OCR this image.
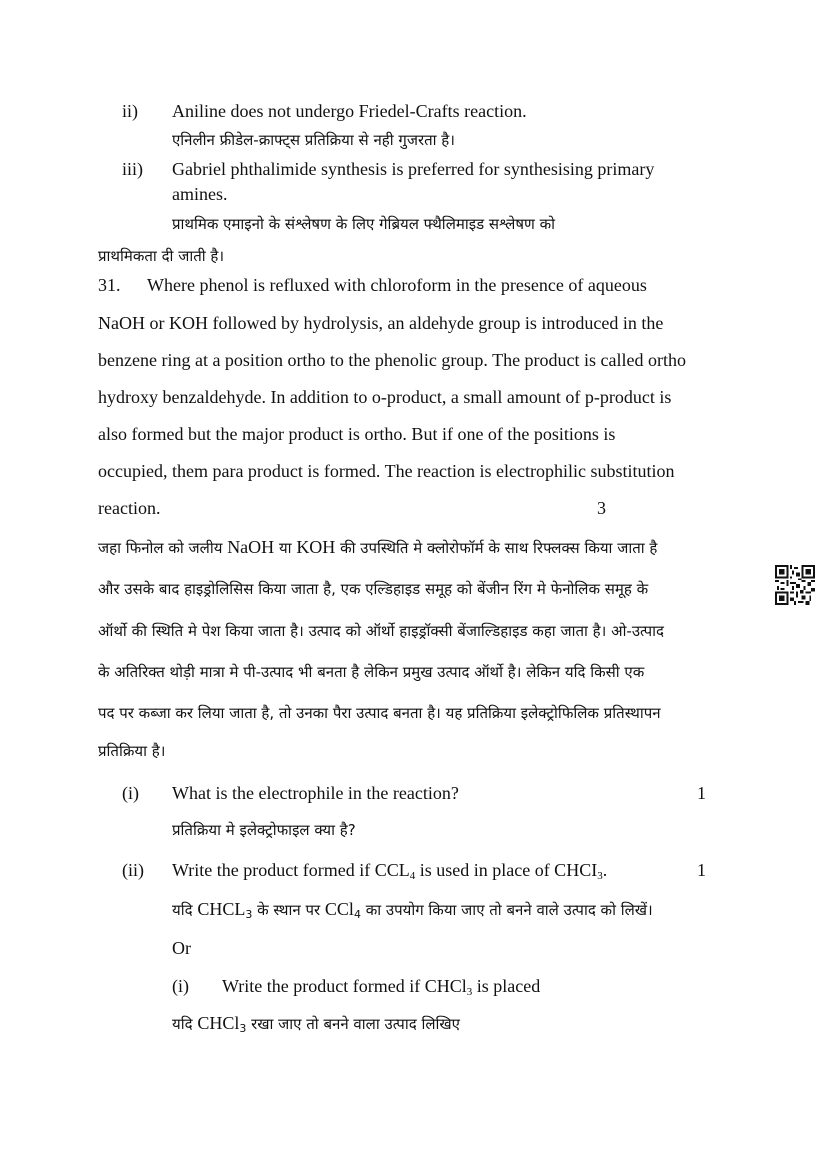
ii) Aniline does not undergo Friedel-Crafts reaction.
एनिलीन फ्रीडेल-क्राफ्ट्स प्रतिक्रिया से नही गुजरता है।
iii) Gabriel phthalimide synthesis is preferred for synthesising primary
amines.
प्राथमिक एमाइनो के संश्लेषण के लिए गेब्रियल फ्थैलिमाइड सश्लेषण को
प्राथमिकता दी जाती है।
31. Where phenol is refluxed with chloroform in the presence of aqueous
NaOH or KOH followed by hydrolysis, an aldehyde group is introduced in the
benzene ring at a position ortho to the phenolic group. The product is called ortho
hydroxy benzaldehyde. In addition to o-product, a small amount of p-product is
also formed but the major product is ortho. But if one of the positions is
occupied, them para product is formed. The reaction is electrophilic substitution
reaction.	3
जहा फिनोल को जलीय NaOH या KOH की उपस्थिति मे क्लोरोफॉर्म के साथ रिफ्लक्स किया जाता है
और उसके बाद हाइड्रोलिसिस किया जाता है, एक एल्डिहाइड समूह को बेंजीन रिंग मे फेनोलिक समूह के
ऑर्थो की स्थिति मे पेश किया जाता है। उत्पाद को ऑर्थो हाइड्रॉक्सी बेंजाल्डिहाइड कहा जाता है। ओ-उत्पाद
के अतिरिक्त थोड़ी मात्रा मे पी-उत्पाद भी बनता है लेकिन प्रमुख उत्पाद ऑर्थो है। लेकिन यदि किसी एक
पद पर कब्जा कर लिया जाता है, तो उनका पैरा उत्पाद बनता है। यह प्रतिक्रिया इलेक्ट्रोफिलिक प्रतिस्थापन
प्रतिक्रिया है।
(i) What is the electrophile in the reaction?	1
प्रतिक्रिया मे इलेक्ट्रोफाइल क्या है?
(ii) Write the product formed if $CCL_4$ is used in place of $CHCI_3$.	1
यदि $CHCL_3$ के स्थान पर CCl$_4$ का उपयोग किया जाए तो बनने वाले उत्पाद को लिखें।
Or
(i) Write the product formed if CHCl$_3$ is placed
यदि CHCl$_3$ रखा जाए तो बनने वाला उत्पाद लिखिए
